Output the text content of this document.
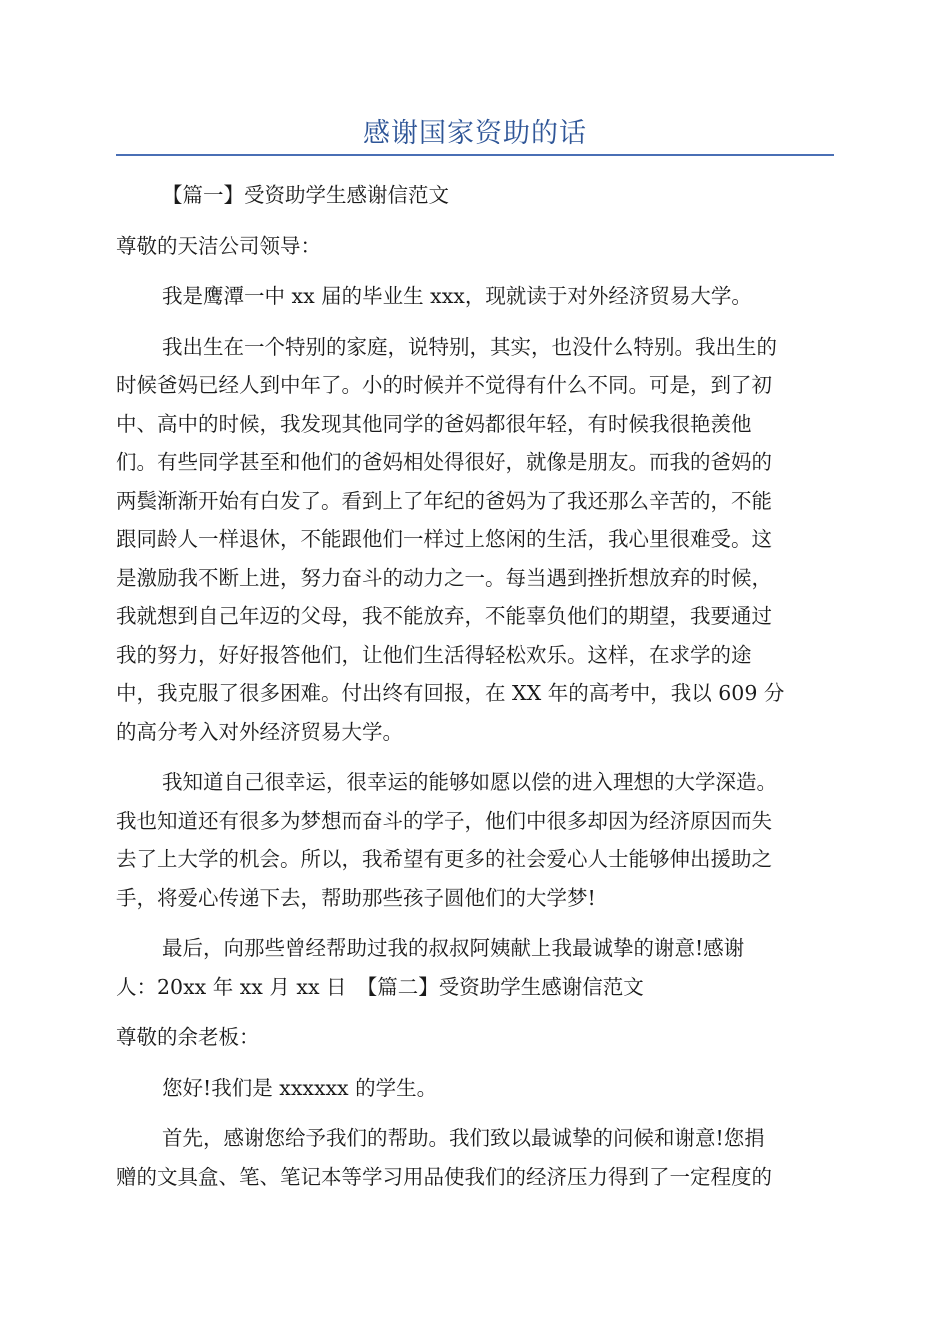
感谢国家资助的话
【篇一】受资助学生感谢信范文
尊敬的天洁公司领导：
我是鹰潭一中 xx 届的毕业生 xxx，现就读于对外经济贸易大学。
我出生在一个特别的家庭，说特别，其实，也没什么特别。我出生的
时候爸妈已经人到中年了。小的时候并不觉得有什么不同。可是，到了初
中、高中的时候，我发现其他同学的爸妈都很年轻，有时候我很艳羡他
们。有些同学甚至和他们的爸妈相处得很好，就像是朋友。而我的爸妈的
两鬓渐渐开始有白发了。看到上了年纪的爸妈为了我还那么辛苦的，不能
跟同龄人一样退休，不能跟他们一样过上悠闲的生活，我心里很难受。这
是激励我不断上进，努力奋斗的动力之一。每当遇到挫折想放弃的时候，
我就想到自己年迈的父母，我不能放弃，不能辜负他们的期望，我要通过
我的努力，好好报答他们，让他们生活得轻松欢乐。这样，在求学的途
中，我克服了很多困难。付出终有回报，在 XX 年的高考中，我以 609 分
的高分考入对外经济贸易大学。
我知道自己很幸运，很幸运的能够如愿以偿的进入理想的大学深造。
我也知道还有很多为梦想而奋斗的学子，他们中很多却因为经济原因而失
去了上大学的机会。所以，我希望有更多的社会爱心人士能够伸出援助之
手，将爱心传递下去，帮助那些孩子圆他们的大学梦!
最后，向那些曾经帮助过我的叔叔阿姨献上我最诚挚的谢意!感谢
人：20xx 年 xx 月 xx 日　【篇二】受资助学生感谢信范文
尊敬的余老板：
您好!我们是 xxxxxx 的学生。
首先，感谢您给予我们的帮助。我们致以最诚挚的问候和谢意!您捐
赠的文具盒、笔、笔记本等学习用品使我们的经济压力得到了一定程度的
